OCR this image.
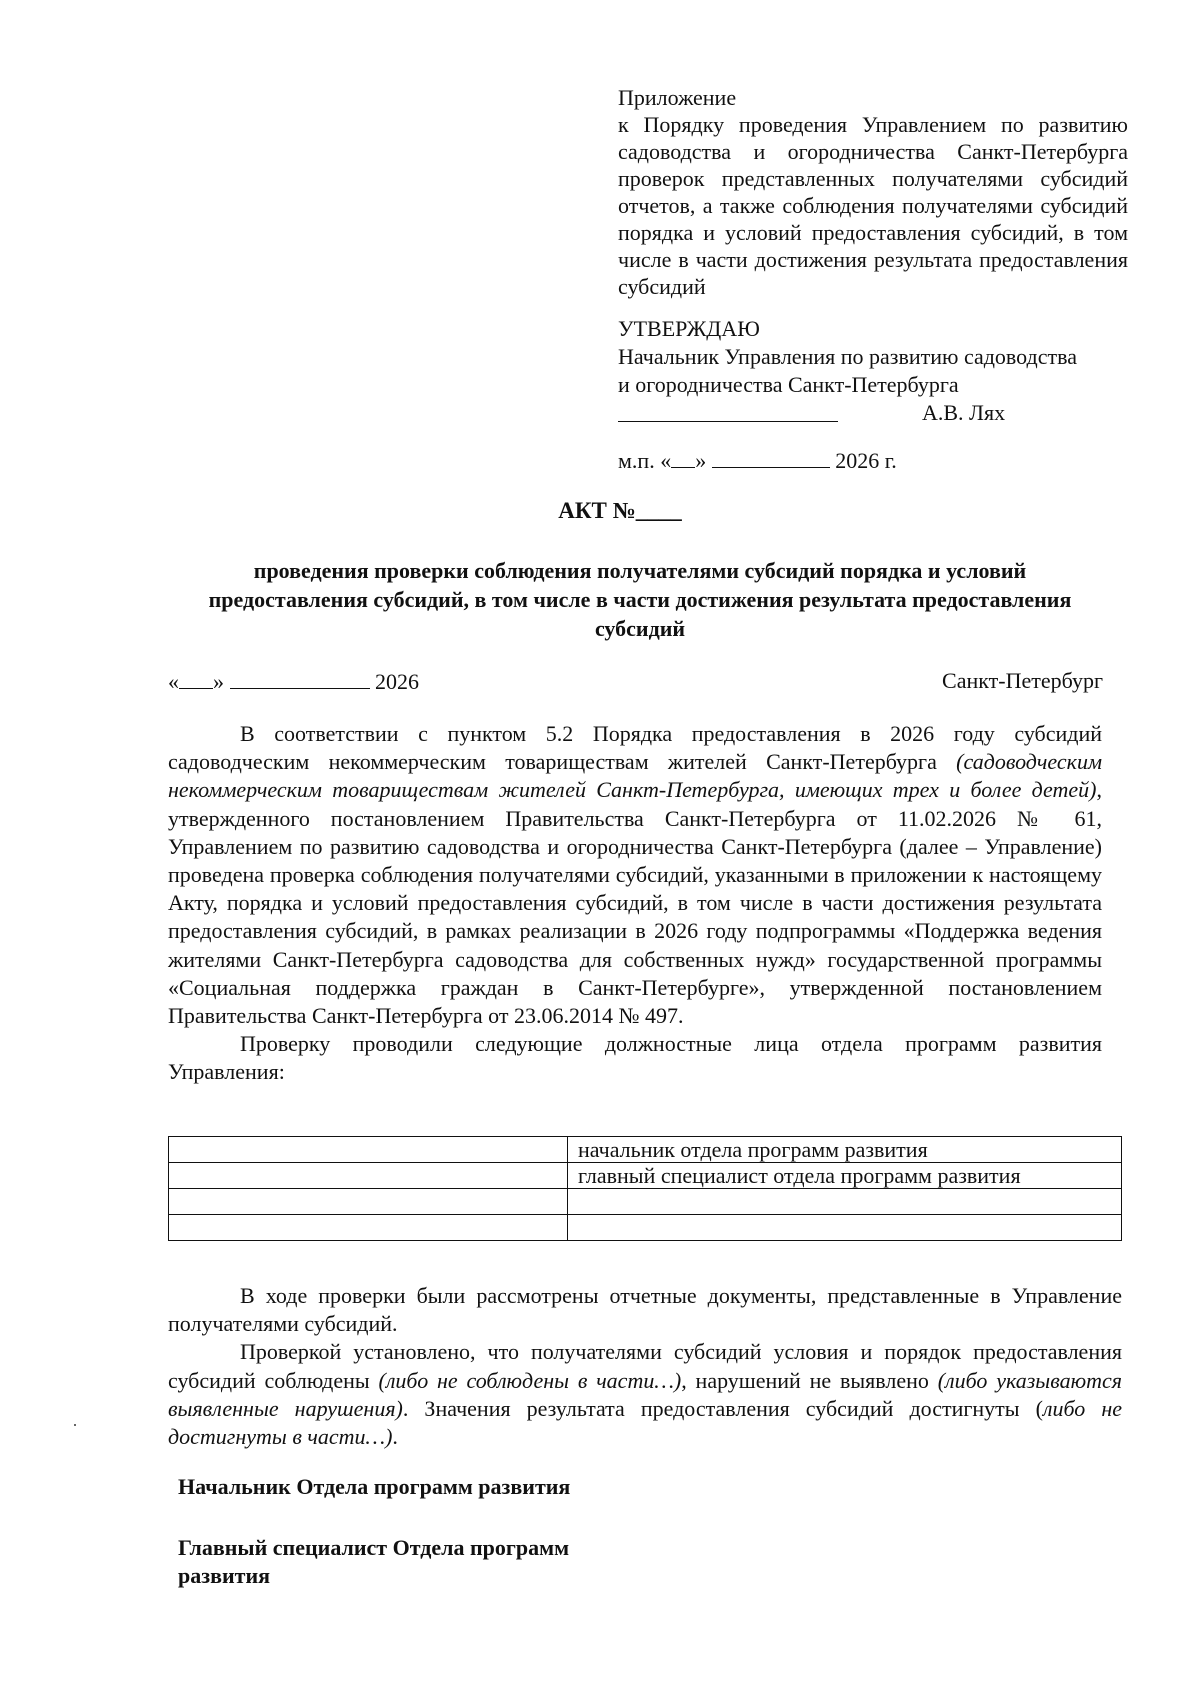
Приложение

к Порядку проведения Управлением по развитию садоводства и огородничества Санкт-Петербурга проверок представленных получателями субсидий отчетов, а также соблюдения получателями субсидий порядка и условий предоставления субсидий, в том числе в части достижения результата предоставления субсидий

УТВЕРЖДАЮ

Начальник Управления по развитию садоводства

и огородничества Санкт-Петербурга

А.В. Лях
м.п. « »	2026 г.
АКТ №____
проведения проверки соблюдения получателями субсидий порядка и условий предоставления субсидий, в том числе в части достижения результата предоставления субсидий
« »	2026	Санкт-Петербург

В соответствии с пунктом 5.2 Порядка предоставления в 2026 году субсидий садоводческим некоммерческим товариществам жителей Санкт-Петербурга (садоводческим некоммерческим товариществам жителей Санкт-Петербурга, имеющих трех и более детей), утвержденного постановлением Правительства Санкт-Петербурга от 11.02.2026 № 61, Управлением по развитию садоводства и огородничества Санкт-Петербурга (далее – Управление) проведена проверка соблюдения получателями субсидий, указанными в приложении к настоящему Акту, порядка и условий предоставления субсидий, в том числе в части достижения результата предоставления субсидий, в рамках реализации в 2026 году подпрограммы «Поддержка ведения жителями Санкт-Петербурга садоводства для собственных нужд» государственной программы «Социальная поддержка граждан в Санкт-Петербурге», утвержденной постановлением Правительства Санкт-Петербурга от 23.06.2014 № 497.

Проверку проводили следующие должностные лица отдела программ развития Управления:

	начальник отдела программ развития
	главный специалист отдела программ развития

В ходе проверки были рассмотрены отчетные документы, представленные в Управление получателями субсидий.

Проверкой установлено, что получателями субсидий условия и порядок предоставления субсидий соблюдены (либо не соблюдены в части…), нарушений не выявлено (либо указываются выявленные нарушения). Значения результата предоставления субсидий достигнуты (либо не достигнуты в части…).

Начальник Отдела программ развития
Главный специалист Отдела программ развития
